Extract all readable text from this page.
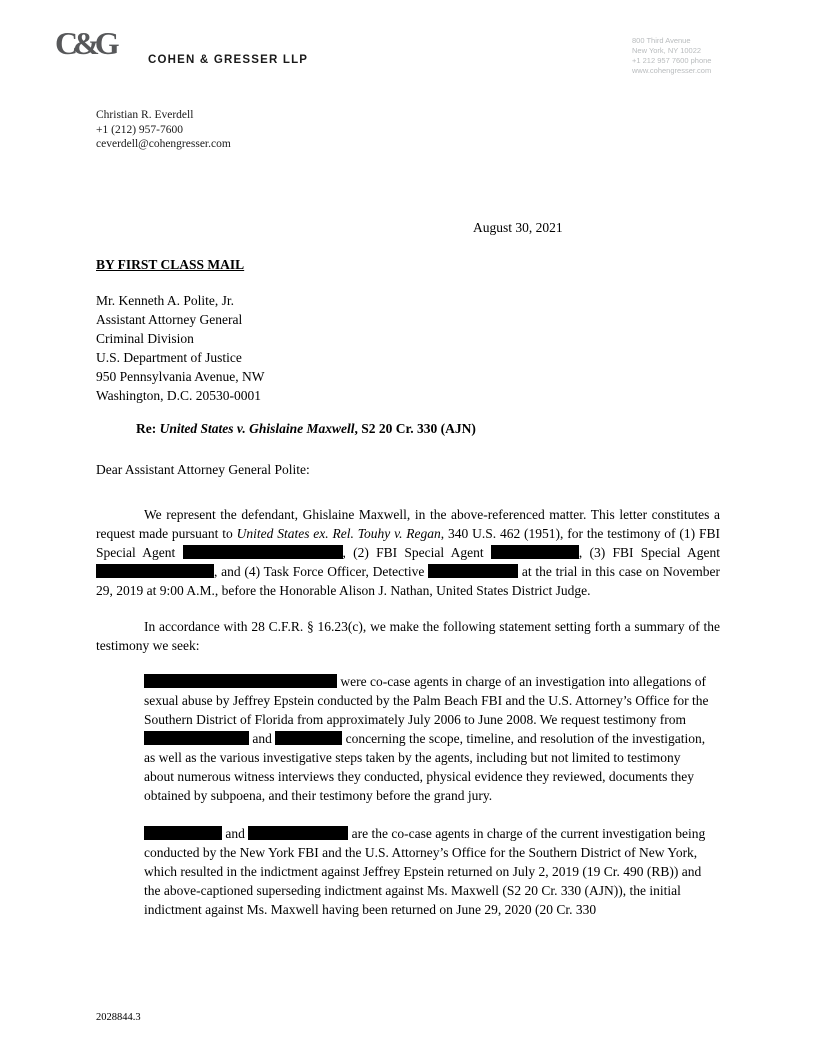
C&G	COHEN & GRESSER LLP
800 Third Avenue
New York, NY 10022
+1 212 957 7600 phone
www.cohengresser.com
Christian R. Everdell
+1 (212) 957-7600
ceverdell@cohengresser.com
August 30, 2021
BY FIRST CLASS MAIL
Mr. Kenneth A. Polite, Jr.
Assistant Attorney General
Criminal Division
U.S. Department of Justice
950 Pennsylvania Avenue, NW
Washington, D.C. 20530-0001
Re: United States v. Ghislaine Maxwell, S2 20 Cr. 330 (AJN)
Dear Assistant Attorney General Polite:

We represent the defendant, Ghislaine Maxwell, in the above-referenced matter. This letter constitutes a request made pursuant to United States ex. Rel. Touhy v. Regan, 340 U.S. 462 (1951), for the testimony of (1) FBI Special Agent	, (2) FBI Special Agent	, (3) FBI Special Agent , and (4) Task Force Officer, Detective	at the trial in this case on November 29, 2019 at 9:00 A.M., before the Honorable Alison J. Nathan, United States District Judge.

In accordance with 28 C.F.R. § 16.23(c), we make the following statement setting forth a summary of the testimony we seek:

were co-case agents in charge of an investigation into allegations of sexual abuse by Jeffrey Epstein conducted by the Palm Beach FBI and the U.S. Attorney’s Office for the Southern District of Florida from approximately July 2006 to June 2008. We request testimony from  and	concerning the scope, timeline, and resolution of the investigation, as well as the various investigative steps taken by the agents, including but not limited to testimony about numerous witness interviews they conducted, physical evidence they reviewed, documents they obtained by subpoena, and their testimony before the grand jury.

and	are the co-case agents in charge of the current investigation being conducted by the New York FBI and the U.S. Attorney’s Office for the Southern District of New York, which resulted in the indictment against Jeffrey Epstein returned on July 2, 2019 (19 Cr. 490 (RB)) and the above-captioned superseding indictment against Ms. Maxwell (S2 20 Cr. 330 (AJN)), the initial indictment against Ms. Maxwell having been returned on June 29, 2020 (20 Cr. 330

2028844.3
